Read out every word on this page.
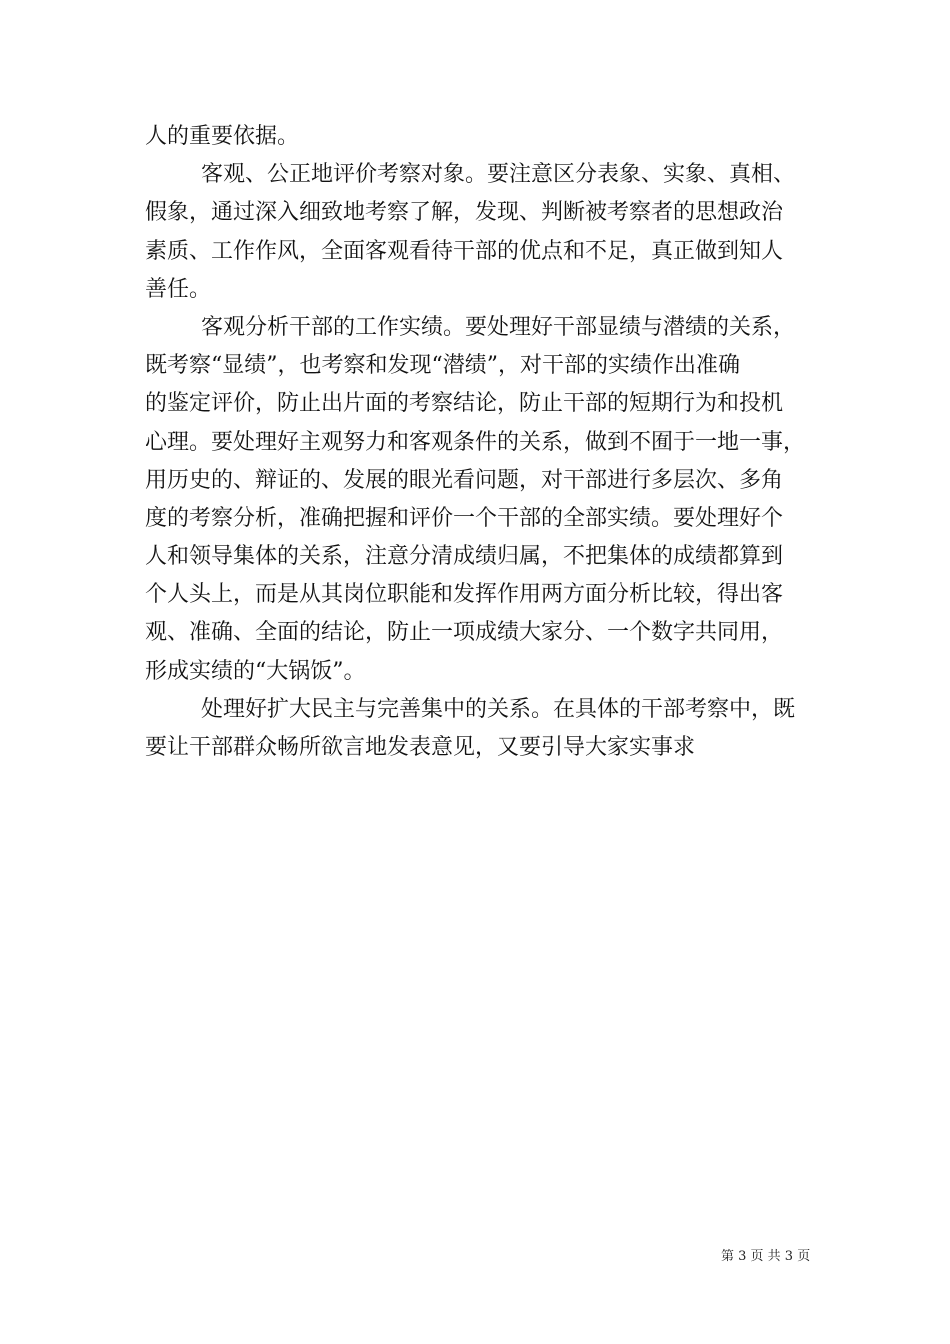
人的重要依据。
客观、公正地评价考察对象。要注意区分表象、实象、真相、
假象，通过深入细致地考察了解，发现、判断被考察者的思想政治
素质、工作作风，全面客观看待干部的优点和不足，真正做到知人
善任。
客观分析干部的工作实绩。要处理好干部显绩与潜绩的关系，
既考察“显绩”，也考察和发现“潜绩”，对干部的实绩作出准确
的鉴定评价，防止出片面的考察结论，防止干部的短期行为和投机
心理。要处理好主观努力和客观条件的关系，做到不囿于一地一事，
用历史的、辩证的、发展的眼光看问题，对干部进行多层次、多角
度的考察分析，准确把握和评价一个干部的全部实绩。要处理好个
人和领导集体的关系，注意分清成绩归属，不把集体的成绩都算到
个人头上，而是从其岗位职能和发挥作用两方面分析比较，得出客
观、准确、全面的结论，防止一项成绩大家分、一个数字共同用，
形成实绩的“大锅饭”。
处理好扩大民主与完善集中的关系。在具体的干部考察中，既
要让干部群众畅所欲言地发表意见，又要引导大家实事求
第 3 页 共 3 页
